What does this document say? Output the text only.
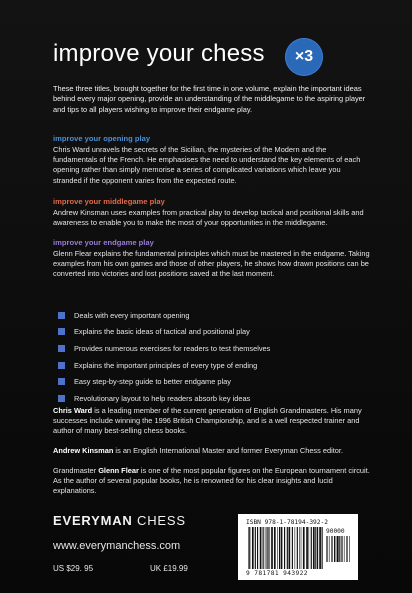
improve your chess	×3
These three titles, brought together for the first time in one volume, explain the important ideas behind every major opening, provide an understanding of the middlegame to the aspiring player and tips to all players wishing to improve their endgame play.
improve your opening play

Chris Ward unravels the secrets of the Sicilian, the mysteries of the Modern and the fundamentals of the French. He emphasises the need to understand the key elements of each opening rather than simply memorise a series of complicated variations which leave you stranded if the opponent varies from the expected route.

improve your middlegame play

Andrew Kinsman uses examples from practical play to develop tactical and positional skills and awareness to enable you to make the most of your opportunities in the middlegame.

improve your endgame play

Glenn Flear explains the fundamental principles which must be mastered in the endgame. Taking examples from his own games and those of other players, he shows how drawn positions can be converted into victories and lost positions saved at the last moment.

Deals with every important opening
Explains the basic ideas of tactical and positional play
Provides numerous exercises for readers to test themselves
Explains the important principles of every type of ending
Easy step-by-step guide to better endgame play
Revolutionary layout to help readers absorb key ideas
Chris Ward is a leading member of the current generation of English Grandmasters. His many successes include winning the 1996 British Championship, and is a well respected trainer and author of many best-selling chess books.
Andrew Kinsman is an English International Master and former Everyman Chess editor.
Grandmaster Glenn Flear is one of the most popular figures on the European tournament circuit. As the author of several popular books, he is renowned for his clear insights and lucid explanations.
EVERYMAN CHESS
www.everymanchess.com
US $29. 95	UK £19.99
ISBN 978-1-78194-392-2
90000
9 781781 943922
